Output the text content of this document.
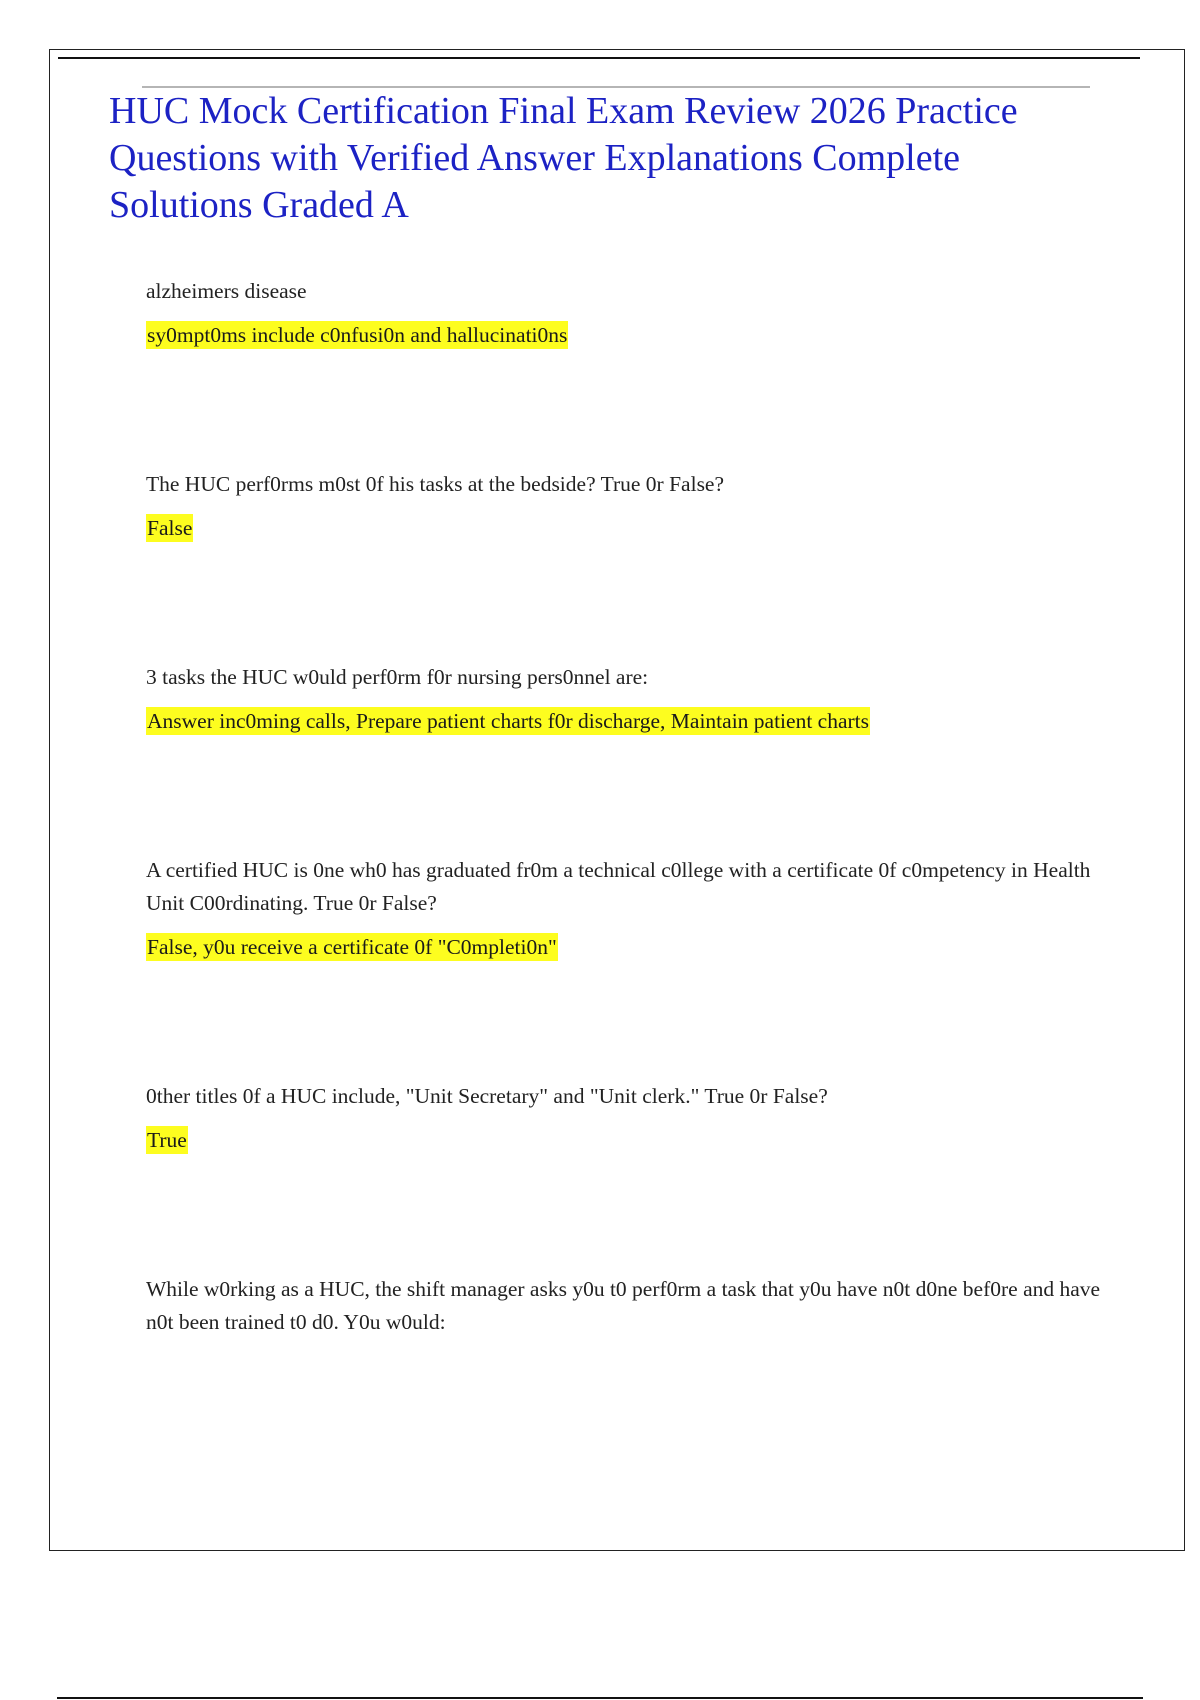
HUC Mock Certification Final Exam Review 2026 Practice Questions with Verified Answer Explanations Complete Solutions Graded A

alzheimers disease

sy0mpt0ms include c0nfusi0n and hallucinati0ns

The HUC perf0rms m0st 0f his tasks at the bedside? True 0r False?

False

3 tasks the HUC w0uld perf0rm f0r nursing pers0nnel are:

Answer inc0ming calls, Prepare patient charts f0r discharge, Maintain patient charts

A certified HUC is 0ne wh0 has graduated fr0m a technical c0llege with a certificate 0f c0mpetency in Health Unit C00rdinating. True 0r False?

False, y0u receive a certificate 0f "C0mpleti0n"

0ther titles 0f a HUC include, "Unit Secretary" and "Unit clerk." True 0r False?

True

While w0rking as a HUC, the shift manager asks y0u t0 perf0rm a task that y0u have n0t d0ne bef0re and have n0t been trained t0 d0. Y0u w0uld:
